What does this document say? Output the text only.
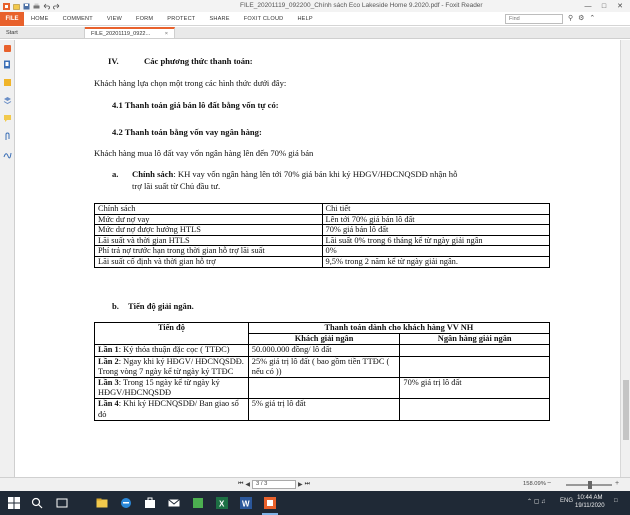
FILE_20201119_092200_Chính sách Eco Lakeside Home 9.2020.pdf - Foxit Reader	—	□	✕
FILE	HOME	COMMENT	VIEW	FORM	PROTECT	SHARE	FOXIT CLOUD	HELP	Find	⚲ ⚙ ⌃
Start	FILE_20201119_0922...	×
IV.	Các phương thức thanh toán:
Khách hàng lựa chọn một trong các hình thức dưới đây:
4.1 Thanh toán giá bán lô đất bằng vốn tự có:
4.2 Thanh toán bằng vốn vay ngân hàng:
Khách hàng mua lô đất vay vốn ngân hàng lên đến 70% giá bán
a. Chính sách: KH vay vốn ngân hàng lên tới 70% giá bán khi ký HĐGV/HĐCNQSDĐ nhận hỗ
trợ lãi suất từ Chủ đầu tư.
Chính sách	Chi tiết
Mức dư nợ vay	Lên tới 70% giá bán lô đất
Mức dư nợ được hưởng HTLS	70% giá bán lô đất
Lãi suất và thời gian HTLS	Lãi suất 0% trong 6 tháng kể từ ngày giải ngân
Phí trả nợ trước hạn trong thời gian hỗ trợ lãi suất	0%
Lãi suất cố định và thời gian hỗ trợ	9,5% trong 2 năm kể từ ngày giải ngân.
b. Tiến độ giải ngân.
Tiến độ	Thanh toán dành cho khách hàng VV NH	
	Khách giải ngân	Ngân hàng giải ngân
Lần 1: Ký thỏa thuận đặc cọc ( TTĐC)	50.000.000 đồng/ lô đất	
Lần 2: Ngay khi ký HĐGV/ HĐCNQSDĐ. Trong vòng 7 ngày kể từ ngày ký TTĐC	25% giá trị lô đất ( bao gồm tiền TTĐC ( nếu có ))	
Lần 3: Trong 15 ngày kể từ ngày ký HĐGV/HĐCNQSDĐ		70% giá trị lô đất
Lần 4: Khi ký HĐCNQSDĐ/ Ban giao sổ đỏ	5% giá trị lô đất	
⏮ ◀	3 / 3	▶ ⏭	158.09% −	+
X W	⌃ ▢ ♫ ENG 10:44 AM
19/11/2020
□
